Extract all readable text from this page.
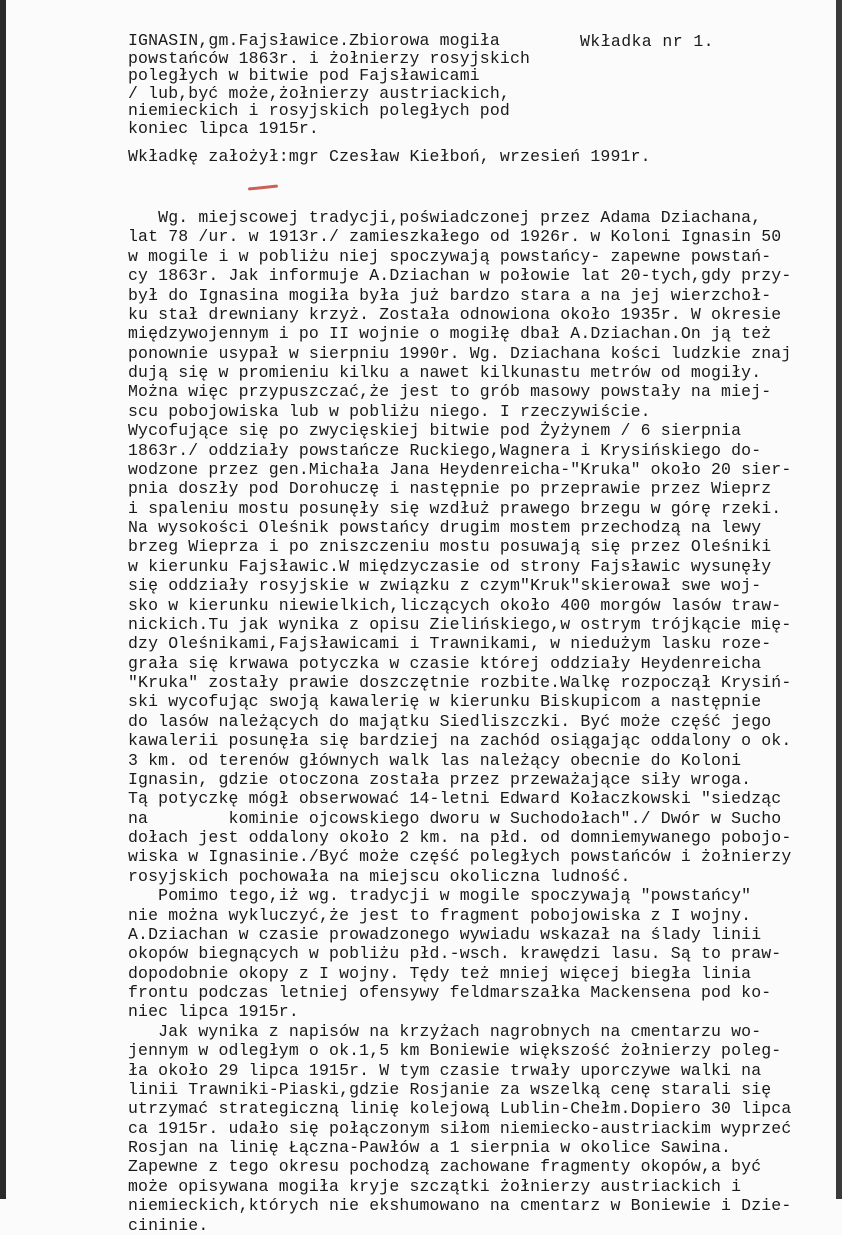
IGNASIN,gm.Fajsławice.Zbiorowa mogiła
powstańców 1863r. i żołnierzy rosyjskich
poległych w bitwie pod Fajsławicami
/ lub,być może,żołnierzy austriackich,
niemieckich i rosyjskich poległych pod
koniec lipca 1915r.
Wkładka nr 1.
Wkładkę założył:mgr Czesław Kiełboń, wrzesień 1991r.
Wg. miejscowej tradycji,poświadczonej przez Adama Dziachana,
lat 78 /ur. w 1913r./ zamieszkałego od 1926r. w Koloni Ignasin 50
w mogile i w pobliżu niej spoczywają powstańcy- zapewne powstań-
cy 1863r. Jak informuje A.Dziachan w połowie lat 20-tych,gdy przy-
był do Ignasina mogiła była już bardzo stara a na jej wierzchoł-
ku stał drewniany krzyż. Została odnowiona około 1935r. W okresie
międzywojennym i po II wojnie o mogiłę dbał A.Dziachan.On ją też
ponownie usypał w sierpniu 1990r. Wg. Dziachana kości ludzkie znaj
dują się w promieniu kilku a nawet kilkunastu metrów od mogiły.
Można więc przypuszczać,że jest to grób masowy powstały na miej-
scu pobojowiska lub w pobliżu niego. I rzeczywiście.
Wycofujące się po zwycięskiej bitwie pod Żyżynem / 6 sierpnia
1863r./ oddziały powstańcze Ruckiego,Wagnera i Krysińskiego do-
wodzone przez gen.Michała Jana Heydenreicha-"Kruka" około 20 sier-
pnia doszły pod Dorohuczę i następnie po przeprawie przez Wieprz
i spaleniu mostu posunęły się wzdłuż prawego brzegu w górę rzeki.
Na wysokości Oleśnik powstańcy drugim mostem przechodzą na lewy
brzeg Wieprza i po zniszczeniu mostu posuwają się przez Oleśniki
w kierunku Fajsławic.W międzyczasie od strony Fajsławic wysunęły
się oddziały rosyjskie w związku z czym"Kruk"skierował swe woj-
sko w kierunku niewielkich,liczących około 400 morgów lasów traw-
nickich.Tu jak wynika z opisu Zielińskiego,w ostrym trójkącie mię-
dzy Oleśnikami,Fajsławicami i Trawnikami, w niedużym lasku roze-
grała się krwawa potyczka w czasie której oddziały Heydenreicha
"Kruka" zostały prawie doszczętnie rozbite.Walkę rozpoczął Krysiń-
ski wycofując swoją kawalerię w kierunku Biskupicom a następnie
do lasów należących do majątku Siedliszczki. Być może część jego
kawalerii posunęła się bardziej na zachód osiągając oddalony o ok.
3 km. od terenów głównych walk las należący obecnie do Koloni
Ignasin, gdzie otoczona została przez przeważające siły wroga.
Tą potyczkę mógł obserwować 14-letni Edward Kołaczkowski "siedząc
na        kominie ojcowskiego dworu w Suchodołach"./ Dwór w Sucho
dołach jest oddalony około 2 km. na płd. od domniemywanego pobojo-
wiska w Ignasinie./Być może część poległych powstańców i żołnierzy
rosyjskich pochowała na miejscu okoliczna ludność.
Pomimo tego,iż wg. tradycji w mogile spoczywają "powstańcy"
nie można wykluczyć,że jest to fragment pobojowiska z I wojny.
A.Dziachan w czasie prowadzonego wywiadu wskazał na ślady linii
okopów biegnących w pobliżu płd.-wsch. krawędzi lasu. Są to praw-
dopodobnie okopy z I wojny. Tędy też mniej więcej biegła linia
frontu podczas letniej ofensywy feldmarszałka Mackensena pod ko-
niec lipca 1915r.
Jak wynika z napisów na krzyżach nagrobnych na cmentarzu wo-
jennym w odległym o ok.1,5 km Boniewie większość żołnierzy poleg-
ła około 29 lipca 1915r. W tym czasie trwały uporczywe walki na
linii Trawniki-Piaski,gdzie Rosjanie za wszelką cenę starali się
utrzymać strategiczną linię kolejową Lublin-Chełm.Dopiero 30 lipca
ca 1915r. udało się połączonym siłom niemiecko-austriackim wyprzeć
Rosjan na linię Łączna-Pawłów a 1 sierpnia w okolice Sawina.
Zapewne z tego okresu pochodzą zachowane fragmenty okopów,a być
może opisywana mogiła kryje szczątki żołnierzy austriackich i
niemieckich,których nie ekshumowano na cmentarz w Boniewie i Dzie-
cininie.
